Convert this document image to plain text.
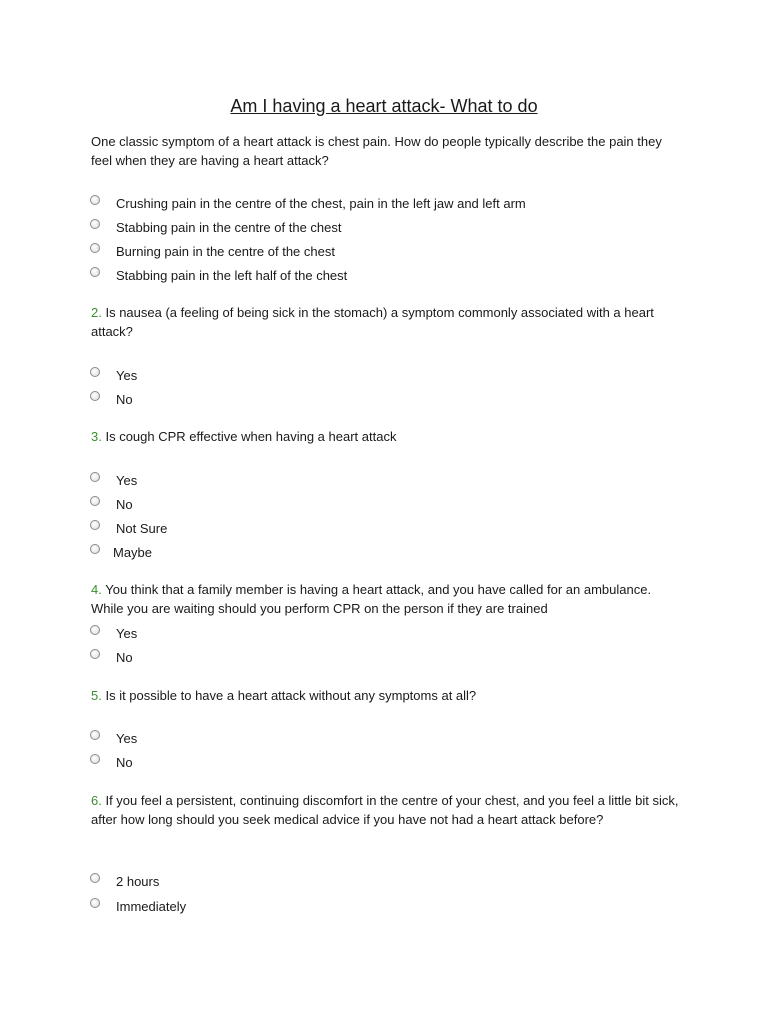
Am I having a heart attack- What to do
One classic symptom of a heart attack is chest pain. How do people typically describe the pain they feel when they are having a heart attack?
Crushing pain in the centre of the chest, pain in the left jaw and left arm
Stabbing pain in the centre of the chest
Burning pain in the centre of the chest
Stabbing pain in the left half of the chest
2. Is nausea (a feeling of being sick in the stomach) a symptom commonly associated with a heart attack?
Yes
No
3. Is cough CPR effective when having a heart attack
Yes
No
Not Sure
Maybe
4. You think that a family member is having a heart attack, and you have called for an ambulance. While you are waiting should you perform CPR on the person if they are trained
Yes
No
5. Is it possible to have a heart attack without any symptoms at all?
Yes
No
6. If you feel a persistent, continuing discomfort in the centre of your chest, and you feel a little bit sick, after how long should you seek medical advice if you have not had a heart attack before?
2 hours
Immediately
